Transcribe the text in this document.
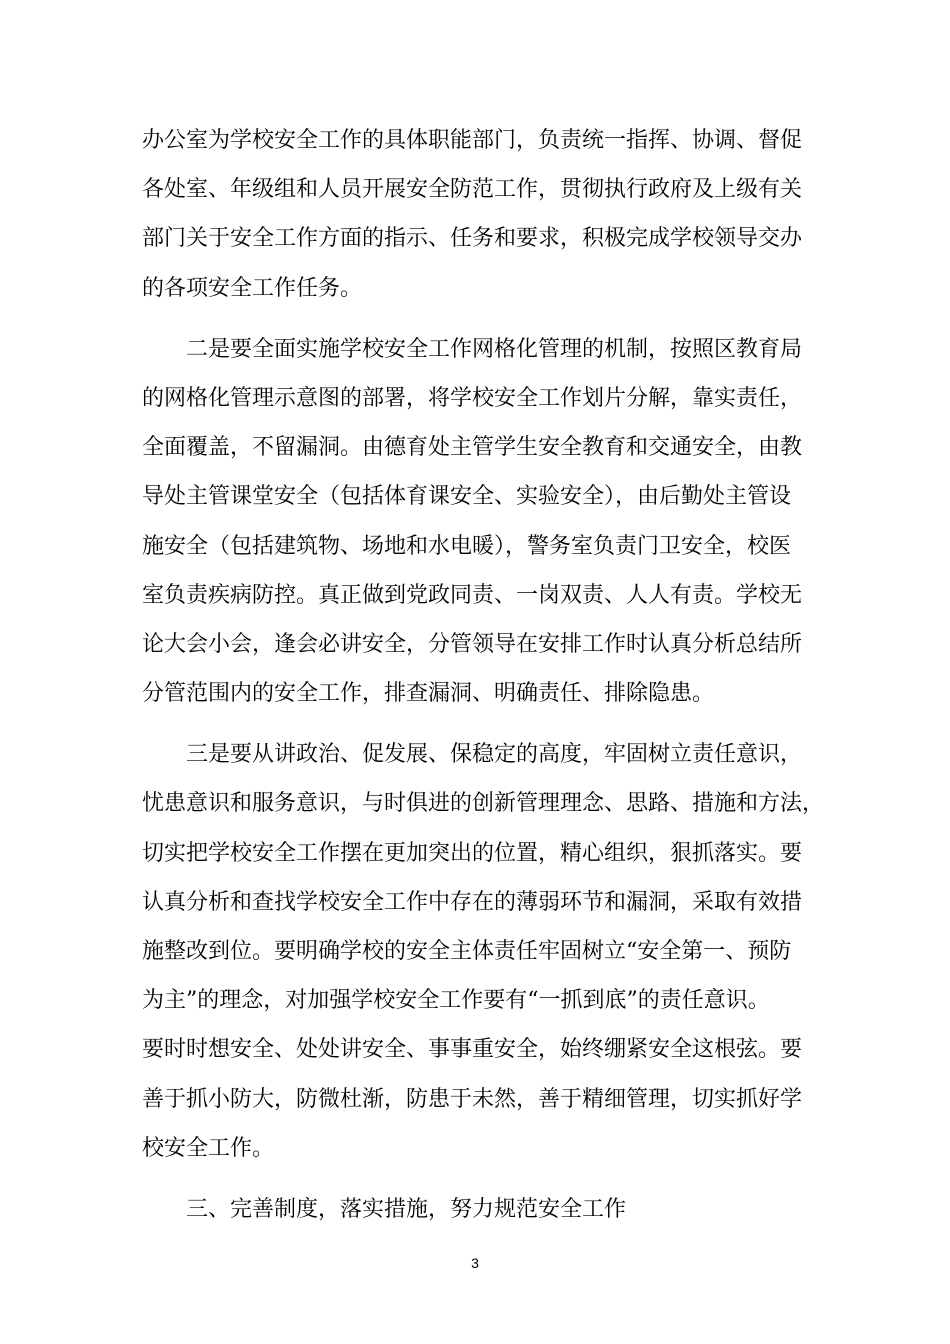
办公室为学校安全工作的具体职能部门，负责统一指挥、协调、督促
各处室、年级组和人员开展安全防范工作，贯彻执行政府及上级有关
部门关于安全工作方面的指示、任务和要求，积极完成学校领导交办
的各项安全工作任务。
二是要全面实施学校安全工作网格化管理的机制，按照区教育局
的网格化管理示意图的部署，将学校安全工作划片分解，靠实责任，
全面覆盖，不留漏洞。由德育处主管学生安全教育和交通安全，由教
导处主管课堂安全（包括体育课安全、实验安全），由后勤处主管设
施安全（包括建筑物、场地和水电暖），警务室负责门卫安全，校医
室负责疾病防控。真正做到党政同责、一岗双责、人人有责。学校无
论大会小会，逢会必讲安全，分管领导在安排工作时认真分析总结所
分管范围内的安全工作，排查漏洞、明确责任、排除隐患。
三是要从讲政治、促发展、保稳定的高度，牢固树立责任意识，
忧患意识和服务意识，与时俱进的创新管理理念、思路、措施和方法，
切实把学校安全工作摆在更加突出的位置，精心组织，狠抓落实。要
认真分析和查找学校安全工作中存在的薄弱环节和漏洞，采取有效措
施整改到位。要明确学校的安全主体责任牢固树立“安全第一、预防
为主”的理念，对加强学校安全工作要有“一抓到底”的责任意识。
要时时想安全、处处讲安全、事事重安全，始终绷紧安全这根弦。要
善于抓小防大，防微杜渐，防患于未然，善于精细管理，切实抓好学
校安全工作。
三、完善制度，落实措施，努力规范安全工作
3
